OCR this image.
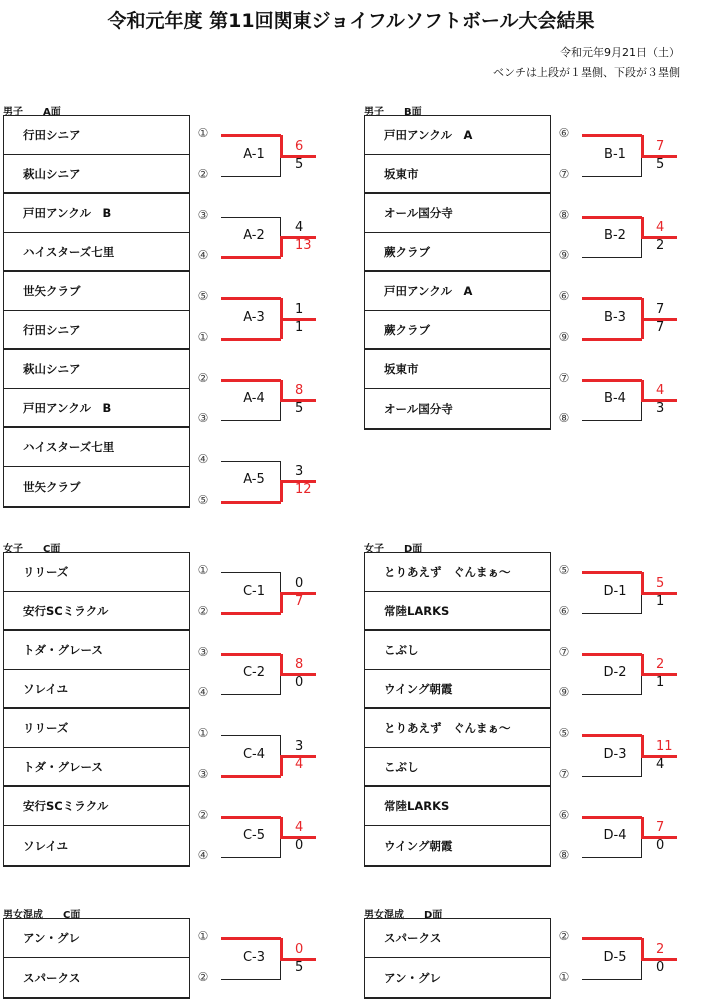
令和元年度 第11回関東ジョイフルソフトボール大会結果
令和元年9月21日（土）
ベンチは上段が１塁側、下段が３塁側
男子　　A面
行田シニア
萩山シニア
戸田アンクル　B
ハイスターズ七里
世矢クラブ
行田シニア
萩山シニア
戸田アンクル　B
ハイスターズ七里
世矢クラブ
①
②
A-1
6
5
③
④
A-2
4
13
⑤
①
A-3
1
1
②
③
A-4
8
5
④
⑤
A-5
3
12
男子　　B面
戸田アンクル　A
坂東市
オール国分寺
蕨クラブ
戸田アンクル　A
蕨クラブ
坂東市
オール国分寺
⑥
⑦
B-1
7
5
⑧
⑨
B-2
4
2
⑥
⑨
B-3
7
7
⑦
⑧
B-4
4
3
女子　　C面
リリーズ
安行SCミラクル
トダ・グレース
ソレイユ
リリーズ
トダ・グレース
安行SCミラクル
ソレイユ
①
②
C-1
0
7
③
④
C-2
8
0
①
③
C-4
3
4
②
④
C-5
4
0
女子　　D面
とりあえず　ぐんまぁ～
常陸LARKS
こぶし
ウイング朝霞
とりあえず　ぐんまぁ～
こぶし
常陸LARKS
ウイング朝霞
⑤
⑥
D-1
5
1
⑦
⑨
D-2
2
1
⑤
⑦
D-3
11
4
⑥
⑧
D-4
7
0
男女混成　　C面
アン・グレ
スパークス
①
②
C-3
0
5
男女混成　　D面
スパークス
アン・グレ
②
①
D-5
2
0
